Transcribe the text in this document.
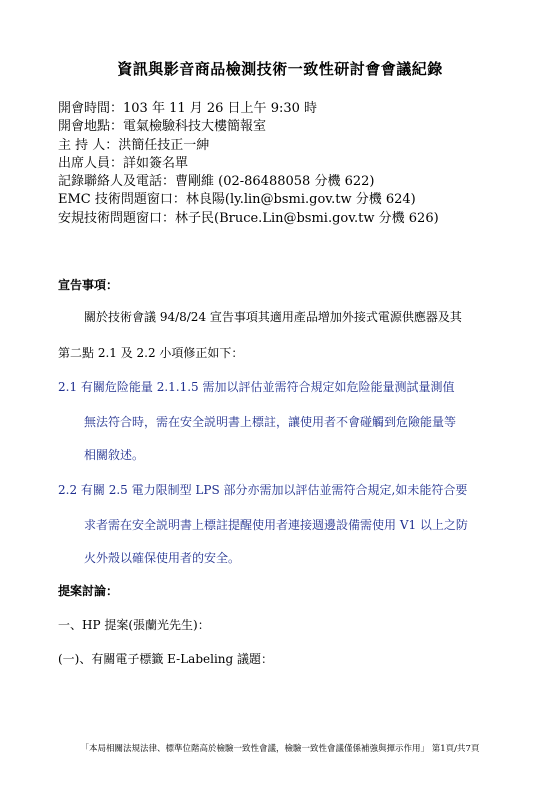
資訊與影音商品檢測技術一致性研討會會議紀錄
開會時間：103 年 11 月 26 日上午 9:30 時
開會地點：電氣檢驗科技大樓簡報室
主 持 人：洪簡任技正一紳
出席人員：詳如簽名單
記錄聯絡人及電話：曹剛維 (02-86488058 分機 622)
EMC 技術問題窗口：林良陽(ly.lin@bsmi.gov.tw 分機 624)
安規技術問題窗口：林子民(Bruce.Lin@bsmi.gov.tw 分機 626)
宣告事項：
關於技術會議 94/8/24 宣告事項其適用產品增加外接式電源供應器及其
第二點 2.1 及 2.2 小項修正如下：
2.1 有關危险能量 2.1.1.5 需加以評估並需符合規定如危险能量测試量測值
無法符合時，需在安全説明書上標註，讓使用者不會碰觸到危險能量等
相關敘述。
2.2 有關 2.5 電力限制型 LPS 部分亦需加以評估並需符合規定,如未能符合要
求者需在安全説明書上標註提醒使用者連接週邊設備需使用 V1 以上之防
火外殼以確保使用者的安全。
提案討論：
一、HP 提案(張蘭光先生)：
(一)、有關電子標籤 E-Labeling 議題：
「本局相關法規法律、標準位階高於檢驗一致性會議，檢驗一致性會議僅係補強與揮示作用」 第1頁/共7頁
